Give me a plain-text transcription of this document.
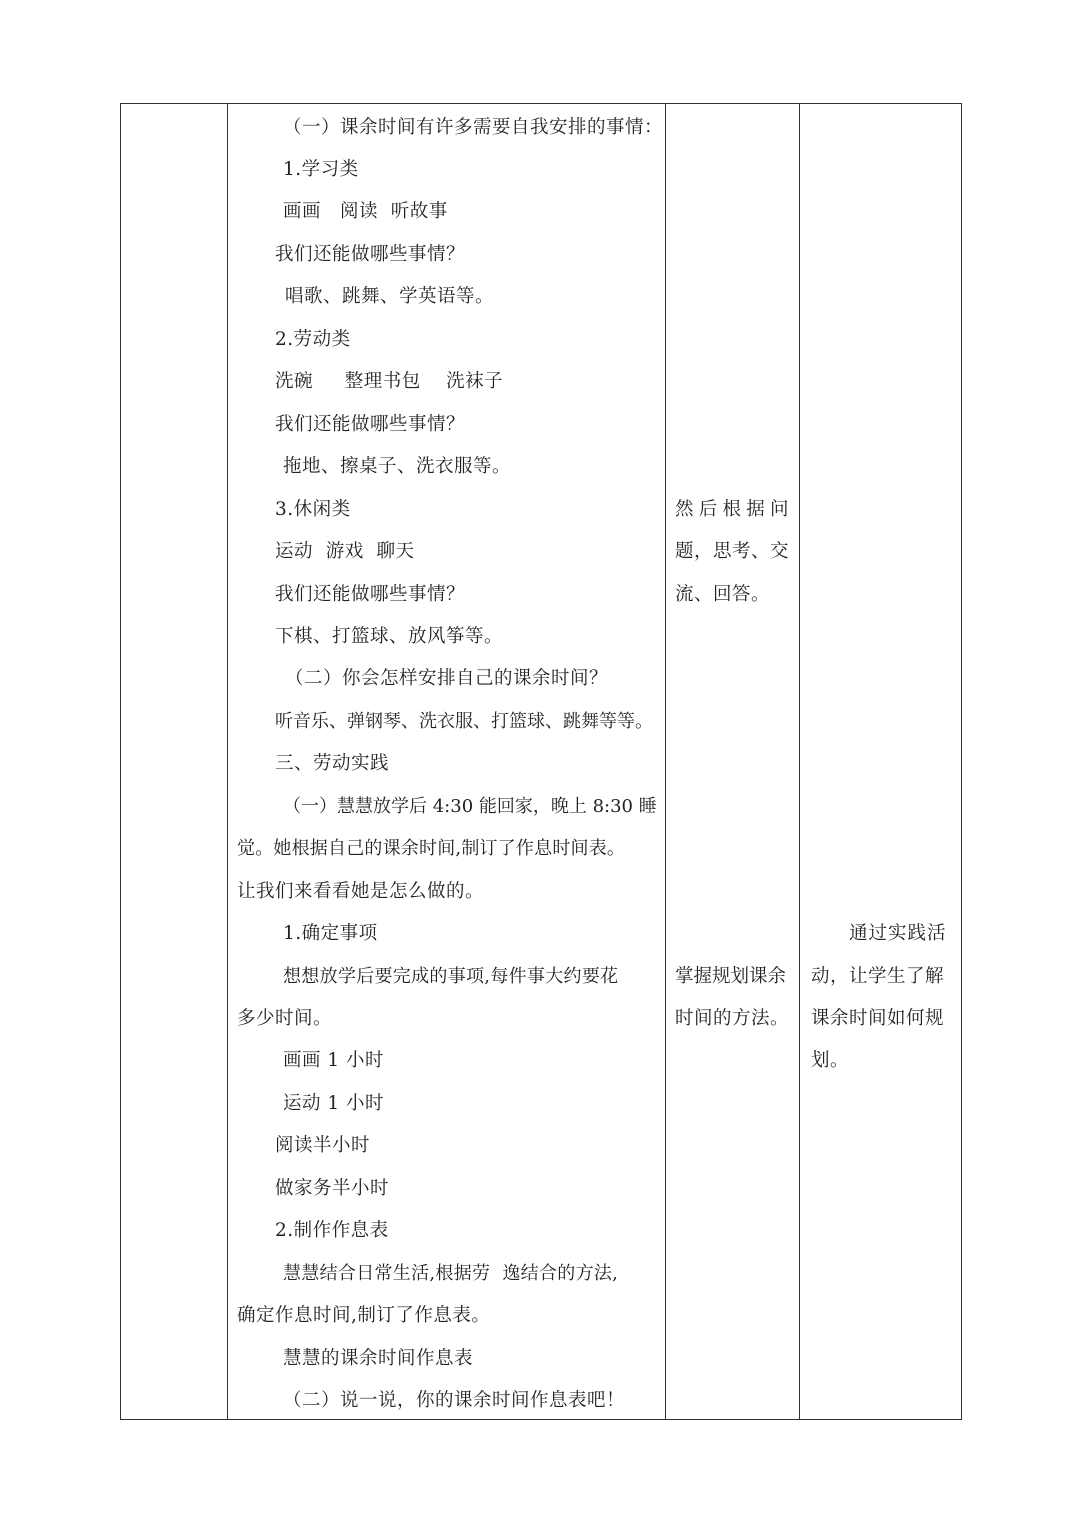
（一）课余时间有许多需要自我安排的事情：
1.学习类
画画　阅读  听故事
我们还能做哪些事情？
唱歌、跳舞、学英语等。
2.劳动类
洗碗　  整理书包　 洗袜子
我们还能做哪些事情？
拖地、擦桌子、洗衣服等。
3.休闲类
运动  游戏  聊天
我们还能做哪些事情？
下棋、打篮球、放风筝等。
（二）你会怎样安排自己的课余时间？
听音乐、弹钢琴、洗衣服、打篮球、跳舞等等。
三、劳动实践
（一）慧慧放学后 4:30 能回家，晚上 8:30 睡
觉。她根据自己的课余时间,制订了作息时间表。
让我们来看看她是怎么做的。
1.确定事项
想想放学后要完成的事项,每件事大约要花
多少时间。
画画 1 小时
运动 1 小时
阅读半小时
做家务半小时
2.制作作息表
慧慧结合日常生活,根据劳  逸结合的方法,
确定作息时间,制订了作息表。
慧慧的课余时间作息表
（二）说一说，你的课余时间作息表吧！
然 后 根 据 问
题，思考、交
流、回答。
掌握规划课余
时间的方法。
通过实践活
动，让学生了解
课余时间如何规
划。
